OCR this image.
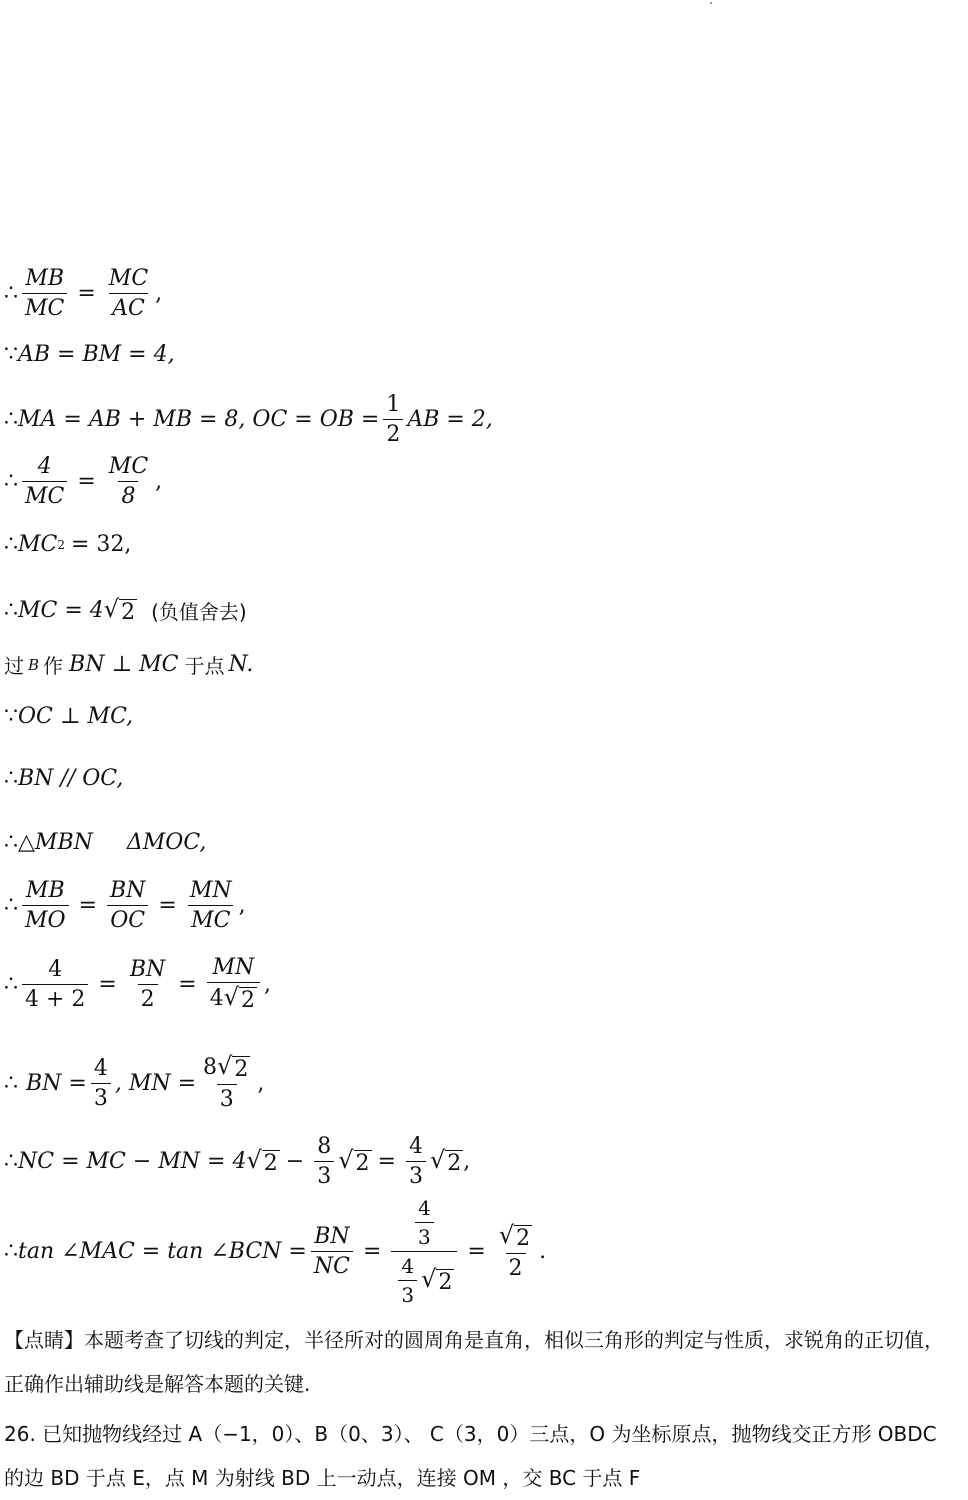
∴ $\frac{MB}{MC} = \frac{MC}{AC}$ ,
∵ AB = BM = 4,
∴ MA = AB + MB = 8, OC = OB = $\frac{1}{2}$ AB = 2,
∴ $\frac{4}{MC} = \frac{MC}{8}$ ,
∴ MC 2 = 32,
∴ MC = 4 √ 2 (负值舍去)
过 B 作 BN ⊥ MC 于点 N.
∵ OC ⊥ MC,
∴ BN // OC,
∴ △MBN ΔMOC,
∴ $\frac{MB}{MO} = \frac{BN}{OC} = \frac{MN}{MC}$ ,
∴ $\frac{4}{4 + 2} = \frac{BN}{2} = \frac{MN}{4 √ 2}$ ,
∴ BN = $\frac{4}{3}$ , MN = $\frac{8 √ 2}{3}$ ,
∴ NC = MC − MN = 4 √ $2 - \frac{8}{3}$ √ $2 = \frac{4}{3}$ √ 2 ,
∴ tan ∠MAC = tan ∠BCN = $\frac{BN}{NC} = \frac{\frac{4}{3}}{\frac{4}{3} √ 2} = \frac{√ 2}{2}$ .
【点睛】本题考查了切线的判定，半径所对的圆周角是直角，相似三角形的判定与性质，求锐角的正切值，正确作出辅助线是解答本题的关键.
26. 已知抛物线经过 A（−1，0）、B（0、3）、 C（3，0）三点，O 为坐标原点，抛物线交正方形 OBDC 的边 BD 于点 E，点 M 为射线 BD 上一动点，连接 OM ，交 BC 于点 F
